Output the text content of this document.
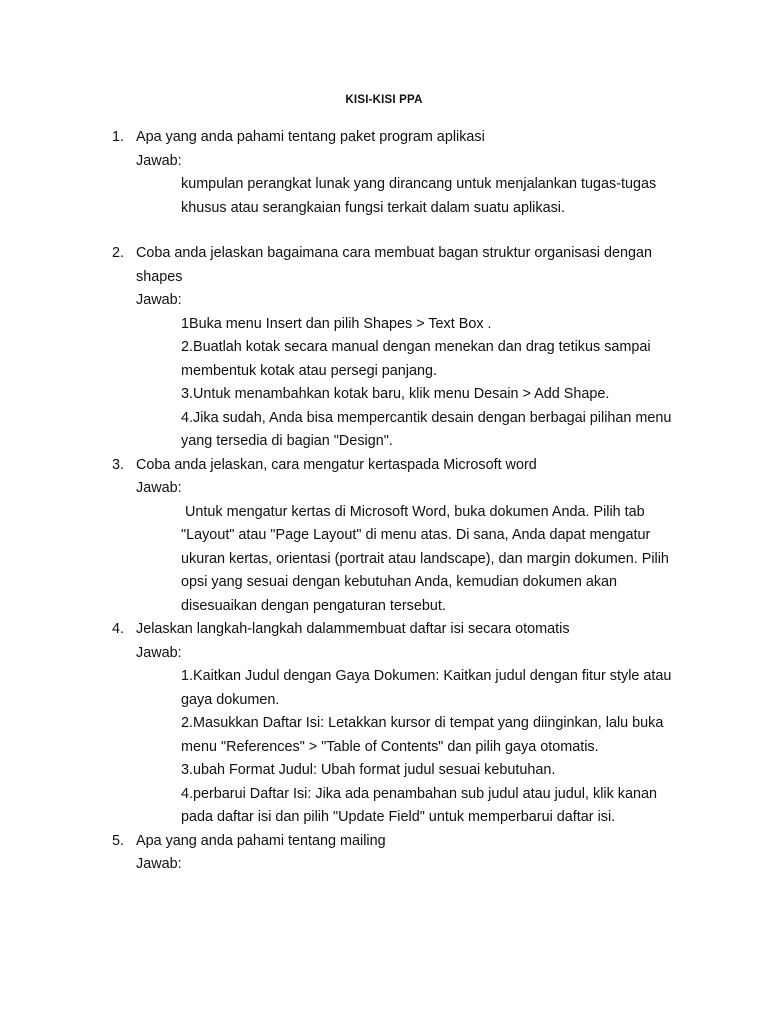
KISI-KISI PPA
1. Apa yang anda pahami tentang paket program aplikasi
Jawab:
kumpulan perangkat lunak yang dirancang untuk menjalankan tugas-tugas khusus atau serangkaian fungsi terkait dalam suatu aplikasi.
2. Coba anda jelaskan bagaimana cara membuat bagan struktur organisasi dengan shapes
Jawab:
1Buka menu Insert dan pilih Shapes > Text Box .
2.Buatlah kotak secara manual dengan menekan dan drag tetikus sampai membentuk kotak atau persegi panjang.
3.Untuk menambahkan kotak baru, klik menu Desain > Add Shape.
4.Jika sudah, Anda bisa mempercantik desain dengan berbagai pilihan menu yang tersedia di bagian "Design".
3. Coba anda jelaskan, cara mengatur kertaspada Microsoft word
Jawab:
Untuk mengatur kertas di Microsoft Word, buka dokumen Anda. Pilih tab "Layout" atau "Page Layout" di menu atas. Di sana, Anda dapat mengatur ukuran kertas, orientasi (portrait atau landscape), dan margin dokumen. Pilih opsi yang sesuai dengan kebutuhan Anda, kemudian dokumen akan disesuaikan dengan pengaturan tersebut.
4. Jelaskan langkah-langkah dalammembuat daftar isi secara otomatis
Jawab:
1.Kaitkan Judul dengan Gaya Dokumen: Kaitkan judul dengan fitur style atau gaya dokumen.
2.Masukkan Daftar Isi: Letakkan kursor di tempat yang diinginkan, lalu buka menu "References" > "Table of Contents" dan pilih gaya otomatis.
3.ubah Format Judul: Ubah format judul sesuai kebutuhan.
4.perbarui Daftar Isi: Jika ada penambahan sub judul atau judul, klik kanan pada daftar isi dan pilih "Update Field" untuk memperbarui daftar isi.
5. Apa yang anda pahami tentang mailing
Jawab:
